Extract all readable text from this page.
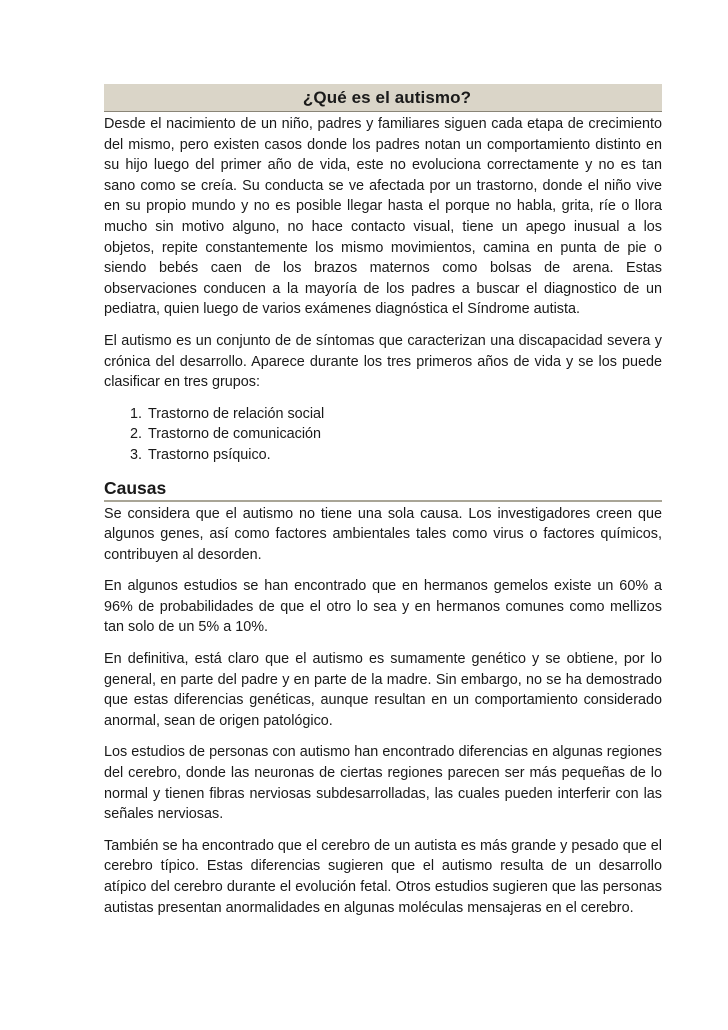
¿Qué es el autismo?

Desde el nacimiento de un niño, padres y familiares siguen cada etapa de crecimiento del mismo, pero existen casos donde los padres notan un comportamiento distinto en su hijo luego del primer año de vida, este no evoluciona correctamente y no es tan sano como se creía. Su conducta se ve afectada por un trastorno, donde el niño vive en su propio mundo y no es posible llegar hasta el porque no habla, grita, ríe o llora mucho sin motivo alguno, no hace contacto visual, tiene un apego inusual a los objetos, repite constantemente los mismo movimientos, camina en punta de pie o siendo bebés caen de los brazos maternos como bolsas de arena. Estas observaciones conducen a la mayoría de los padres a buscar el diagnostico de un pediatra, quien luego de varios exámenes diagnóstica el Síndrome autista.

El autismo es un conjunto de de síntomas que caracterizan una discapacidad severa y crónica del desarrollo. Aparece durante los tres primeros años de vida y se los puede clasificar en tres grupos:

1. Trastorno de relación social
2. Trastorno de comunicación
3. Trastorno psíquico.
Causas

Se considera que el autismo no tiene una sola causa. Los investigadores creen que algunos genes, así como factores ambientales tales como virus o factores químicos, contribuyen al desorden.

En algunos estudios se han encontrado que en hermanos gemelos existe un 60% a 96% de probabilidades de que el otro lo sea y en hermanos comunes como mellizos tan solo de un 5% a 10%.

En definitiva, está claro que el autismo es sumamente genético y se obtiene, por lo general, en parte del padre y en parte de la madre. Sin embargo, no se ha demostrado que estas diferencias genéticas, aunque resultan en un comportamiento considerado anormal, sean de origen patológico.

Los estudios de personas con autismo han encontrado diferencias en algunas regiones del cerebro, donde las neuronas de ciertas regiones parecen ser más pequeñas de lo normal y tienen fibras nerviosas subdesarrolladas, las cuales pueden interferir con las señales nerviosas.

También se ha encontrado que el cerebro de un autista es más grande y pesado que el cerebro típico. Estas diferencias sugieren que el autismo resulta de un desarrollo atípico del cerebro durante el evolución fetal. Otros estudios sugieren que las personas autistas presentan anormalidades en algunas moléculas mensajeras en el cerebro.
